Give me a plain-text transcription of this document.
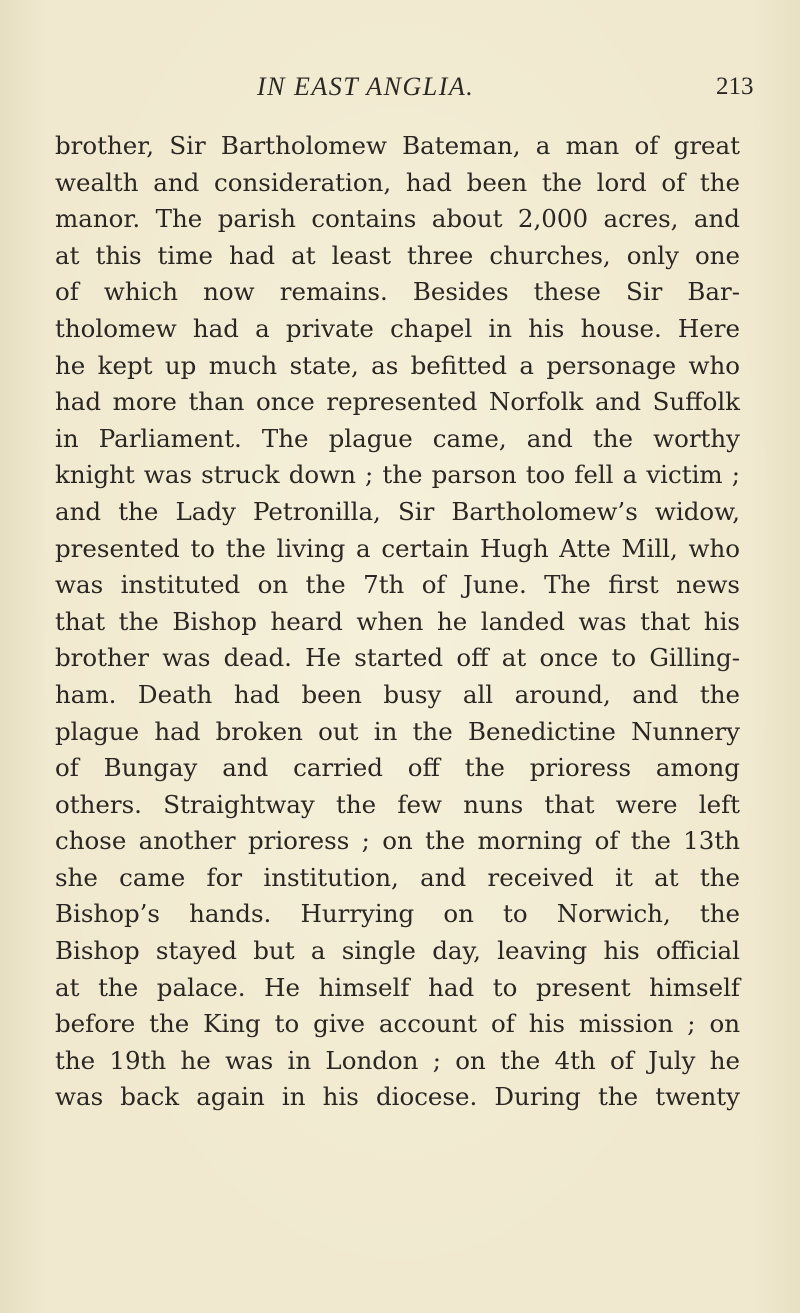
IN EAST ANGLIA.	213
brother, Sir Bartholomew Bateman, a man of great
wealth and consideration, had been the lord of the
manor. The parish contains about 2,000 acres, and
at this time had at least three churches, only one
of which now remains. Besides these Sir Bar-
tholomew had a private chapel in his house. Here
he kept up much state, as befitted a personage who
had more than once represented Norfolk and Suffolk
in Parliament. The plague came, and the worthy
knight was struck down ; the parson too fell a victim ;
and the Lady Petronilla, Sir Bartholomew’s widow,
presented to the living a certain Hugh Atte Mill, who
was instituted on the 7th of June. The first news
that the Bishop heard when he landed was that his
brother was dead. He started off at once to Gilling-
ham. Death had been busy all around, and the
plague had broken out in the Benedictine Nunnery
of Bungay and carried off the prioress among
others. Straightway the few nuns that were left
chose another prioress ; on the morning of the 13th
she came for institution, and received it at the
Bishop’s hands. Hurrying on to Norwich, the
Bishop stayed but a single day, leaving his official
at the palace. He himself had to present himself
before the King to give account of his mission ; on
the 19th he was in London ; on the 4th of July he
was back again in his diocese. During the twenty
